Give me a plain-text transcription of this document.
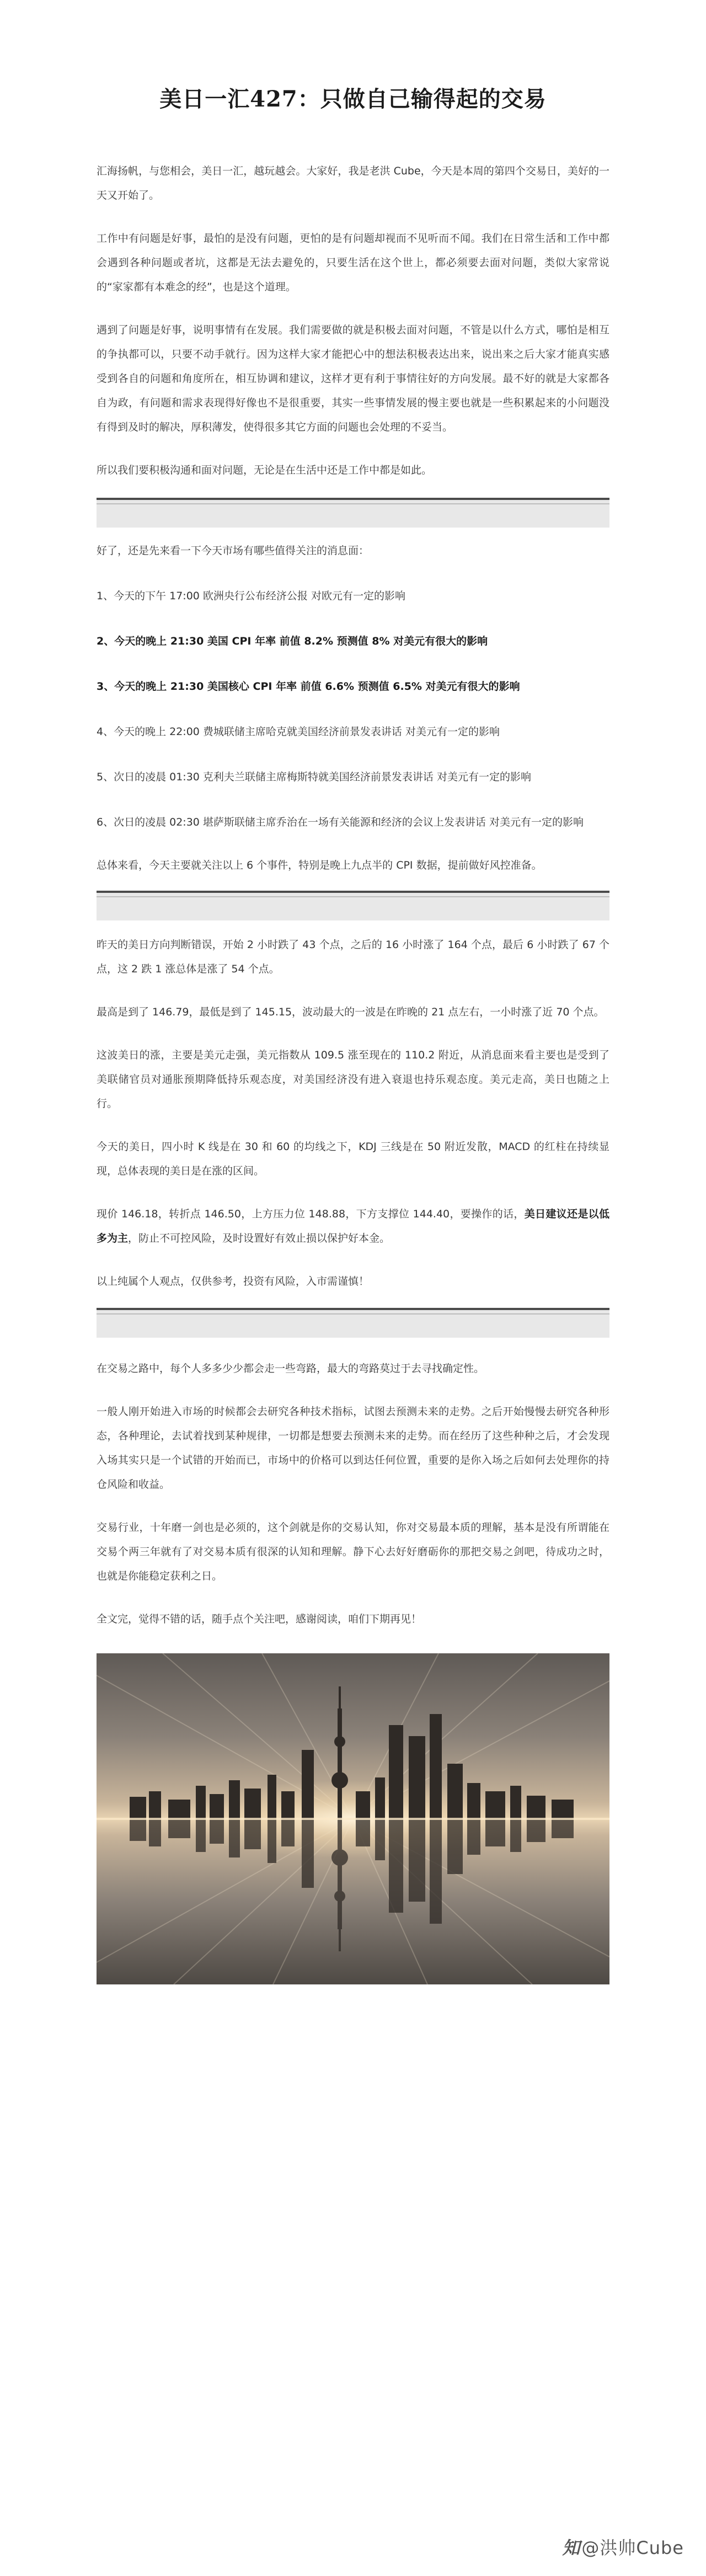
美日一汇427：只做自己输得起的交易

汇海扬帆，与您相会，美日一汇，越玩越会。大家好，我是老洪 Cube，今天是本周的第四个交易日，美好的一天又开始了。

工作中有问题是好事，最怕的是没有问题，更怕的是有问题却视而不见听而不闻。我们在日常生活和工作中都会遇到各种问题或者坑，这都是无法去避免的，只要生活在这个世上，都必须要去面对问题，类似大家常说的“家家都有本难念的经”，也是这个道理。

遇到了问题是好事，说明事情有在发展。我们需要做的就是积极去面对问题，不管是以什么方式，哪怕是相互的争执都可以，只要不动手就行。因为这样大家才能把心中的想法积极表达出来，说出来之后大家才能真实感受到各自的问题和角度所在，相互协调和建议，这样才更有利于事情往好的方向发展。最不好的就是大家都各自为政，有问题和需求表现得好像也不是很重要，其实一些事情发展的慢主要也就是一些积累起来的小问题没有得到及时的解决，厚积薄发，使得很多其它方面的问题也会处理的不妥当。

所以我们要积极沟通和面对问题，无论是在生活中还是工作中都是如此。

好了，还是先来看一下今天市场有哪些值得关注的消息面：

1、今天的下午 17:00 欧洲央行公布经济公报 对欧元有一定的影响

2、今天的晚上 21:30 美国 CPI 年率 前值 8.2% 预测值 8% 对美元有很大的影响

3、今天的晚上 21:30 美国核心 CPI 年率 前值 6.6% 预测值 6.5% 对美元有很大的影响

4、今天的晚上 22:00 费城联储主席哈克就美国经济前景发表讲话 对美元有一定的影响

5、次日的凌晨 01:30 克利夫兰联储主席梅斯特就美国经济前景发表讲话 对美元有一定的影响

6、次日的凌晨 02:30 堪萨斯联储主席乔治在一场有关能源和经济的会议上发表讲话 对美元有一定的影响

总体来看，今天主要就关注以上 6 个事件，特别是晚上九点半的 CPI 数据，提前做好风控准备。

昨天的美日方向判断错误，开始 2 小时跌了 43 个点，之后的 16 小时涨了 164 个点，最后 6 小时跌了 67 个点，这 2 跌 1 涨总体是涨了 54 个点。

最高是到了 146.79，最低是到了 145.15，波动最大的一波是在昨晚的 21 点左右，一小时涨了近 70 个点。

这波美日的涨，主要是美元走强，美元指数从 109.5 涨至现在的 110.2 附近，从消息面来看主要也是受到了美联储官员对通胀预期降低持乐观态度，对美国经济没有进入衰退也持乐观态度。美元走高，美日也随之上行。

今天的美日，四小时 K 线是在 30 和 60 的均线之下，KDJ 三线是在 50 附近发散，MACD 的红柱在持续显现，总体表现的美日是在涨的区间。

现价 146.18，转折点 146.50，上方压力位 148.88，下方支撑位 144.40，要操作的话，美日建议还是以低多为主，防止不可控风险，及时设置好有效止损以保护好本金。

以上纯属个人观点，仅供参考，投资有风险，入市需谨慎！

在交易之路中，每个人多多少少都会走一些弯路，最大的弯路莫过于去寻找确定性。

一般人刚开始进入市场的时候都会去研究各种技术指标，试图去预测未来的走势。之后开始慢慢去研究各种形态，各种理论，去试着找到某种规律，一切都是想要去预测未来的走势。而在经历了这些种种之后，才会发现入场其实只是一个试错的开始而已，市场中的价格可以到达任何位置，重要的是你入场之后如何去处理你的持仓风险和收益。

交易行业，十年磨一剑也是必须的，这个剑就是你的交易认知，你对交易最本质的理解，基本是没有所谓能在交易个两三年就有了对交易本质有很深的认知和理解。静下心去好好磨砺你的那把交易之剑吧，待成功之时，也就是你能稳定获利之日。

全文完，觉得不错的话，随手点个关注吧，感谢阅读，咱们下期再见！

知@洪帅Cube
